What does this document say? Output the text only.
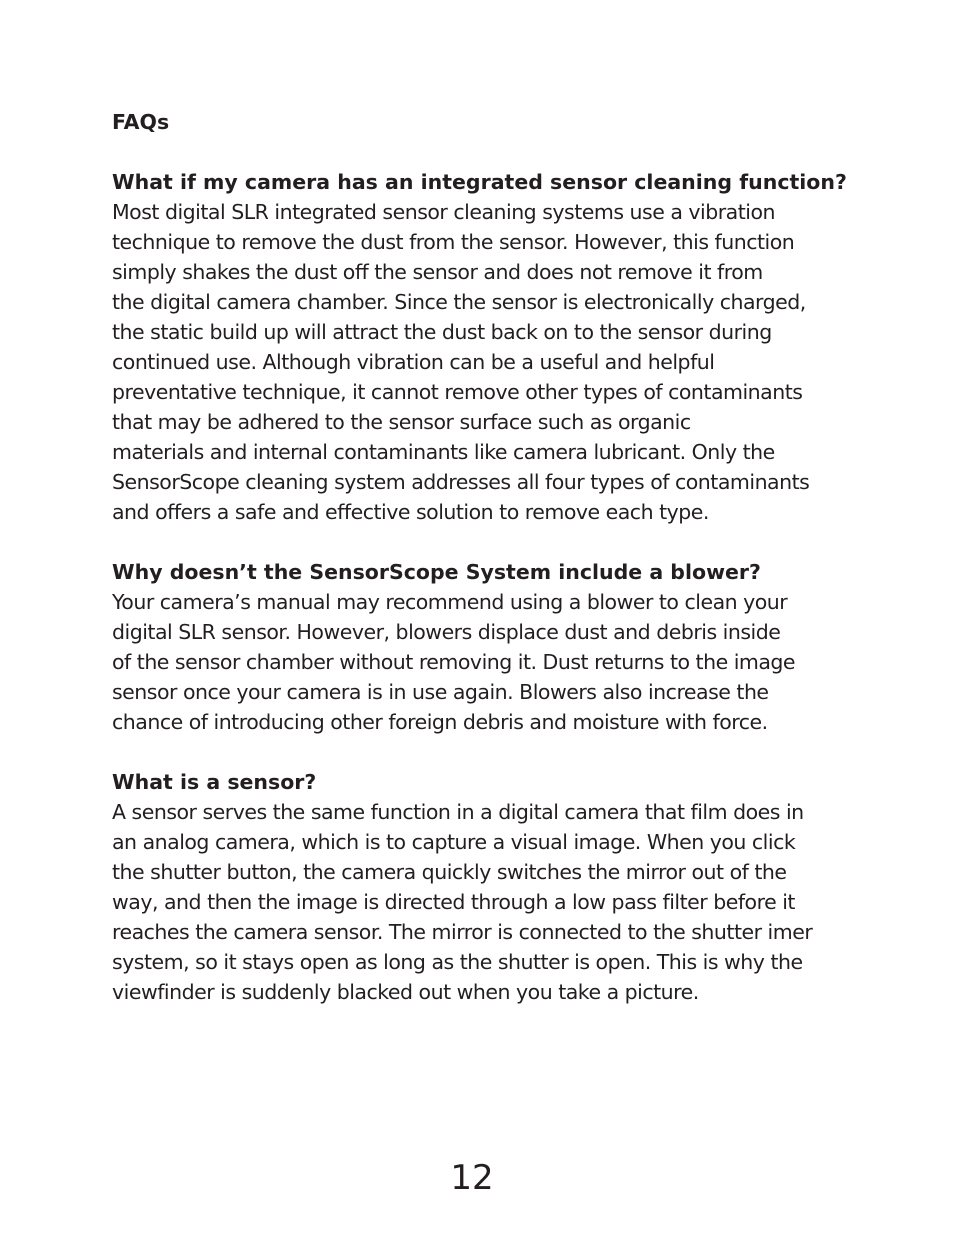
FAQs
What if my camera has an integrated sensor cleaning function?
Most digital SLR integrated sensor cleaning systems use a vibration
technique to remove the dust from the sensor. However, this function
simply shakes the dust off the sensor and does not remove it from
the digital camera chamber. Since the sensor is electronically charged,
the static build up will attract the dust back on to the sensor during
continued use. Although vibration can be a useful and helpful
preventative technique, it cannot remove other types of contaminants
that may be adhered to the sensor surface such as organic
materials and internal contaminants like camera lubricant. Only the
SensorScope cleaning system addresses all four types of contaminants
and offers a safe and effective solution to remove each type.
Why doesn’t the SensorScope System include a blower?
Your camera’s manual may recommend using a blower to clean your
digital SLR sensor. However, blowers displace dust and debris inside
of the sensor chamber without removing it. Dust returns to the image
sensor once your camera is in use again. Blowers also increase the
chance of introducing other foreign debris and moisture with force.
What is a sensor?
A sensor serves the same function in a digital camera that film does in
an analog camera, which is to capture a visual image. When you click
the shutter button, the camera quickly switches the mirror out of the
way, and then the image is directed through a low pass filter before it
reaches the camera sensor. The mirror is connected to the shutter imer
system, so it stays open as long as the shutter is open. This is why the
viewfinder is suddenly blacked out when you take a picture.
12
